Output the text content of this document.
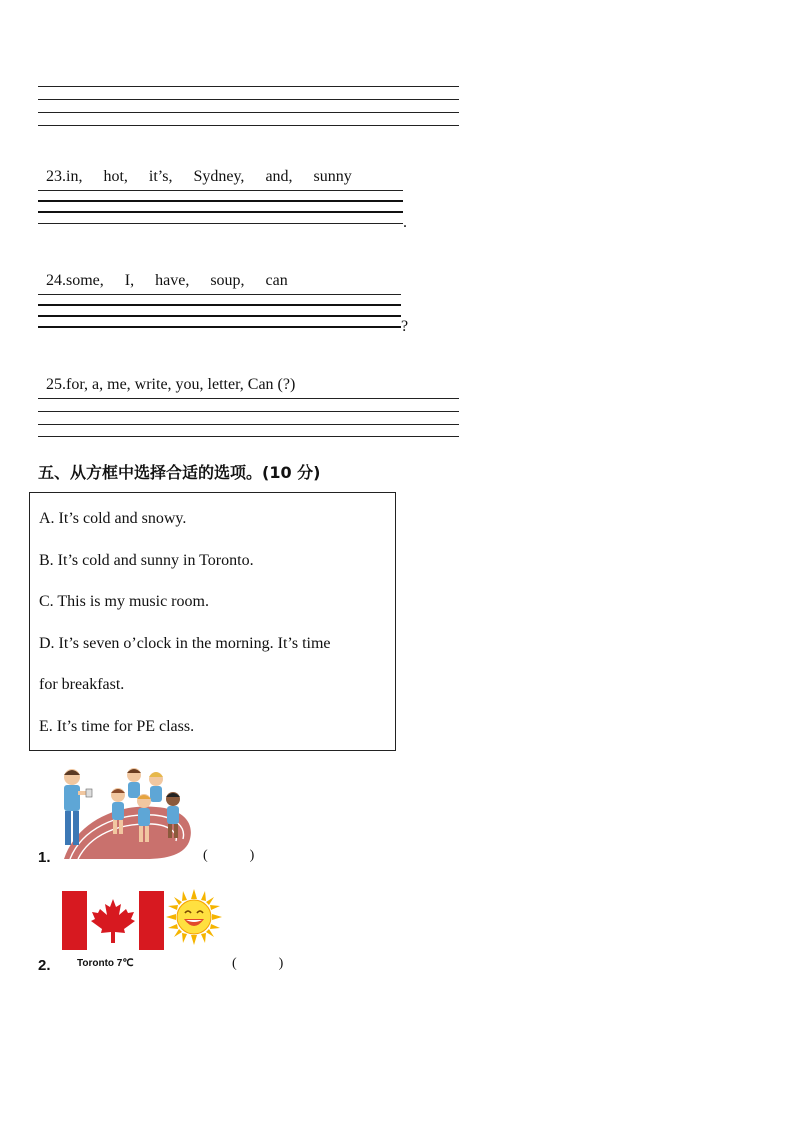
23.in, hot, it’s, Sydney, and, sunny

.

24.some, I, have, soup, can

?

25.for, a, me, write, you, letter, Can (?)

五、从方框中选择合适的选项。(10 分)
A. It’s cold and snowy.
B. It’s cold and sunny in Toronto.
C. This is my music room.
D. It’s seven o’clock in the morning. It’s time
for breakfast.
E. It’s time for PE class.
1.	(            )
2.	Toronto 7℃	(            )
